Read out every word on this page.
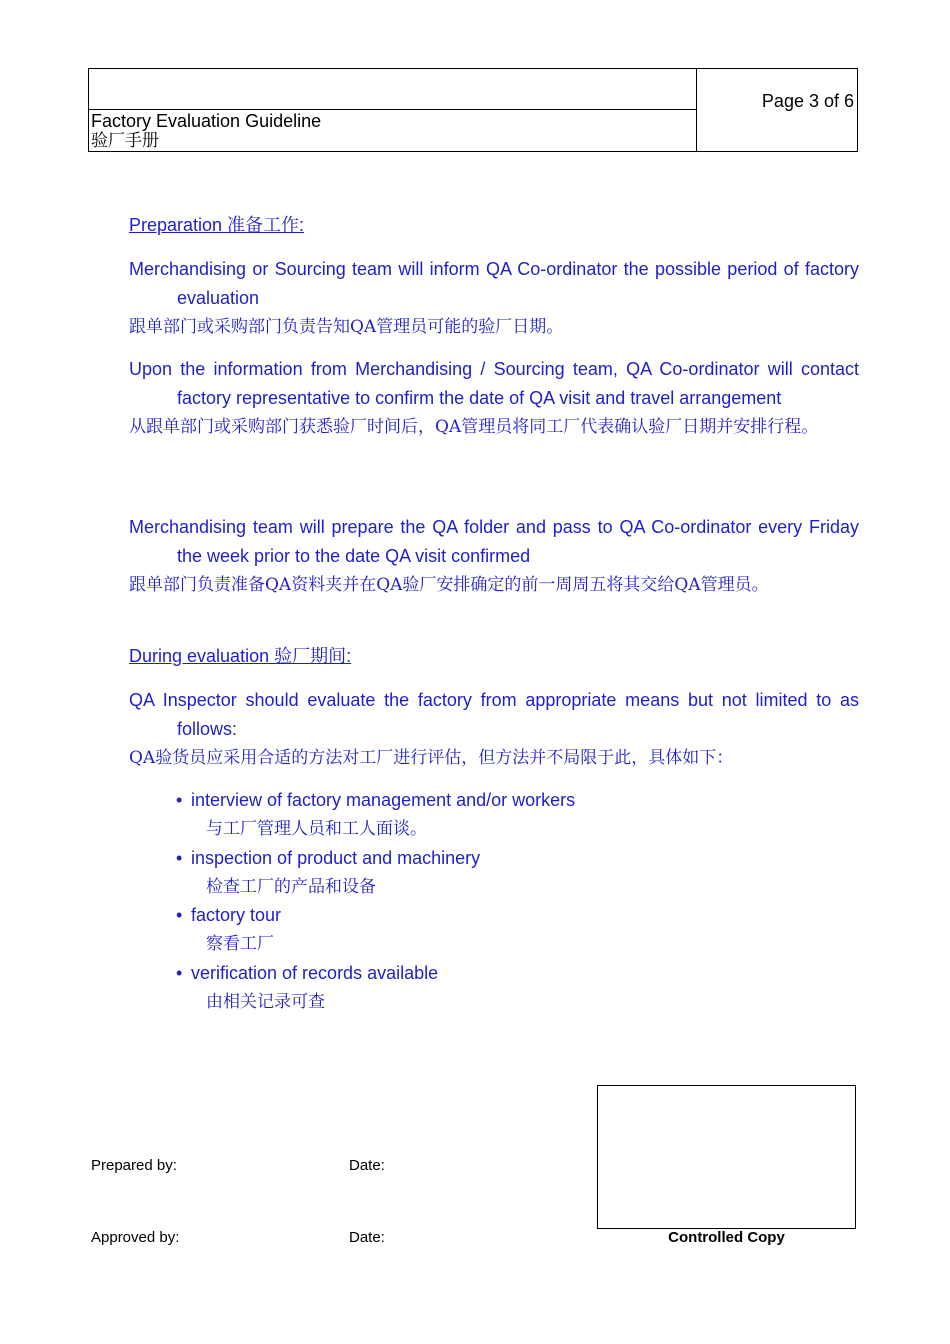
Factory Evaluation Guideline
验厂手册
Page 3 of 6
Preparation 准备工作:
Merchandising or Sourcing team will inform QA Co-ordinator the possible period of factory evaluation
跟单部门或采购部门负责告知QA管理员可能的验厂日期。
Upon the information from Merchandising / Sourcing team, QA Co-ordinator will contact factory representative to confirm the date of QA visit and travel arrangement
从跟单部门或采购部门获悉验厂时间后，QA管理员将同工厂代表确认验厂日期并安排行程。
Merchandising team will prepare the QA folder and pass to QA Co-ordinator every Friday the week prior to the date QA visit confirmed
跟单部门负责准备QA资料夹并在QA验厂安排确定的前一周周五将其交给QA管理员。
During evaluation 验厂期间:
QA Inspector should evaluate the factory from appropriate means but not limited to as follows:
QA验货员应采用合适的方法对工厂进行评估，但方法并不局限于此，具体如下：
• interview of factory management and/or workers
与工厂管理人员和工人面谈。
• inspection of product and machinery
检查工厂的产品和设备
• factory tour
察看工厂
• verification of records available
由相关记录可查
Prepared by:	Date:
Approved by:	Date:	Controlled Copy
